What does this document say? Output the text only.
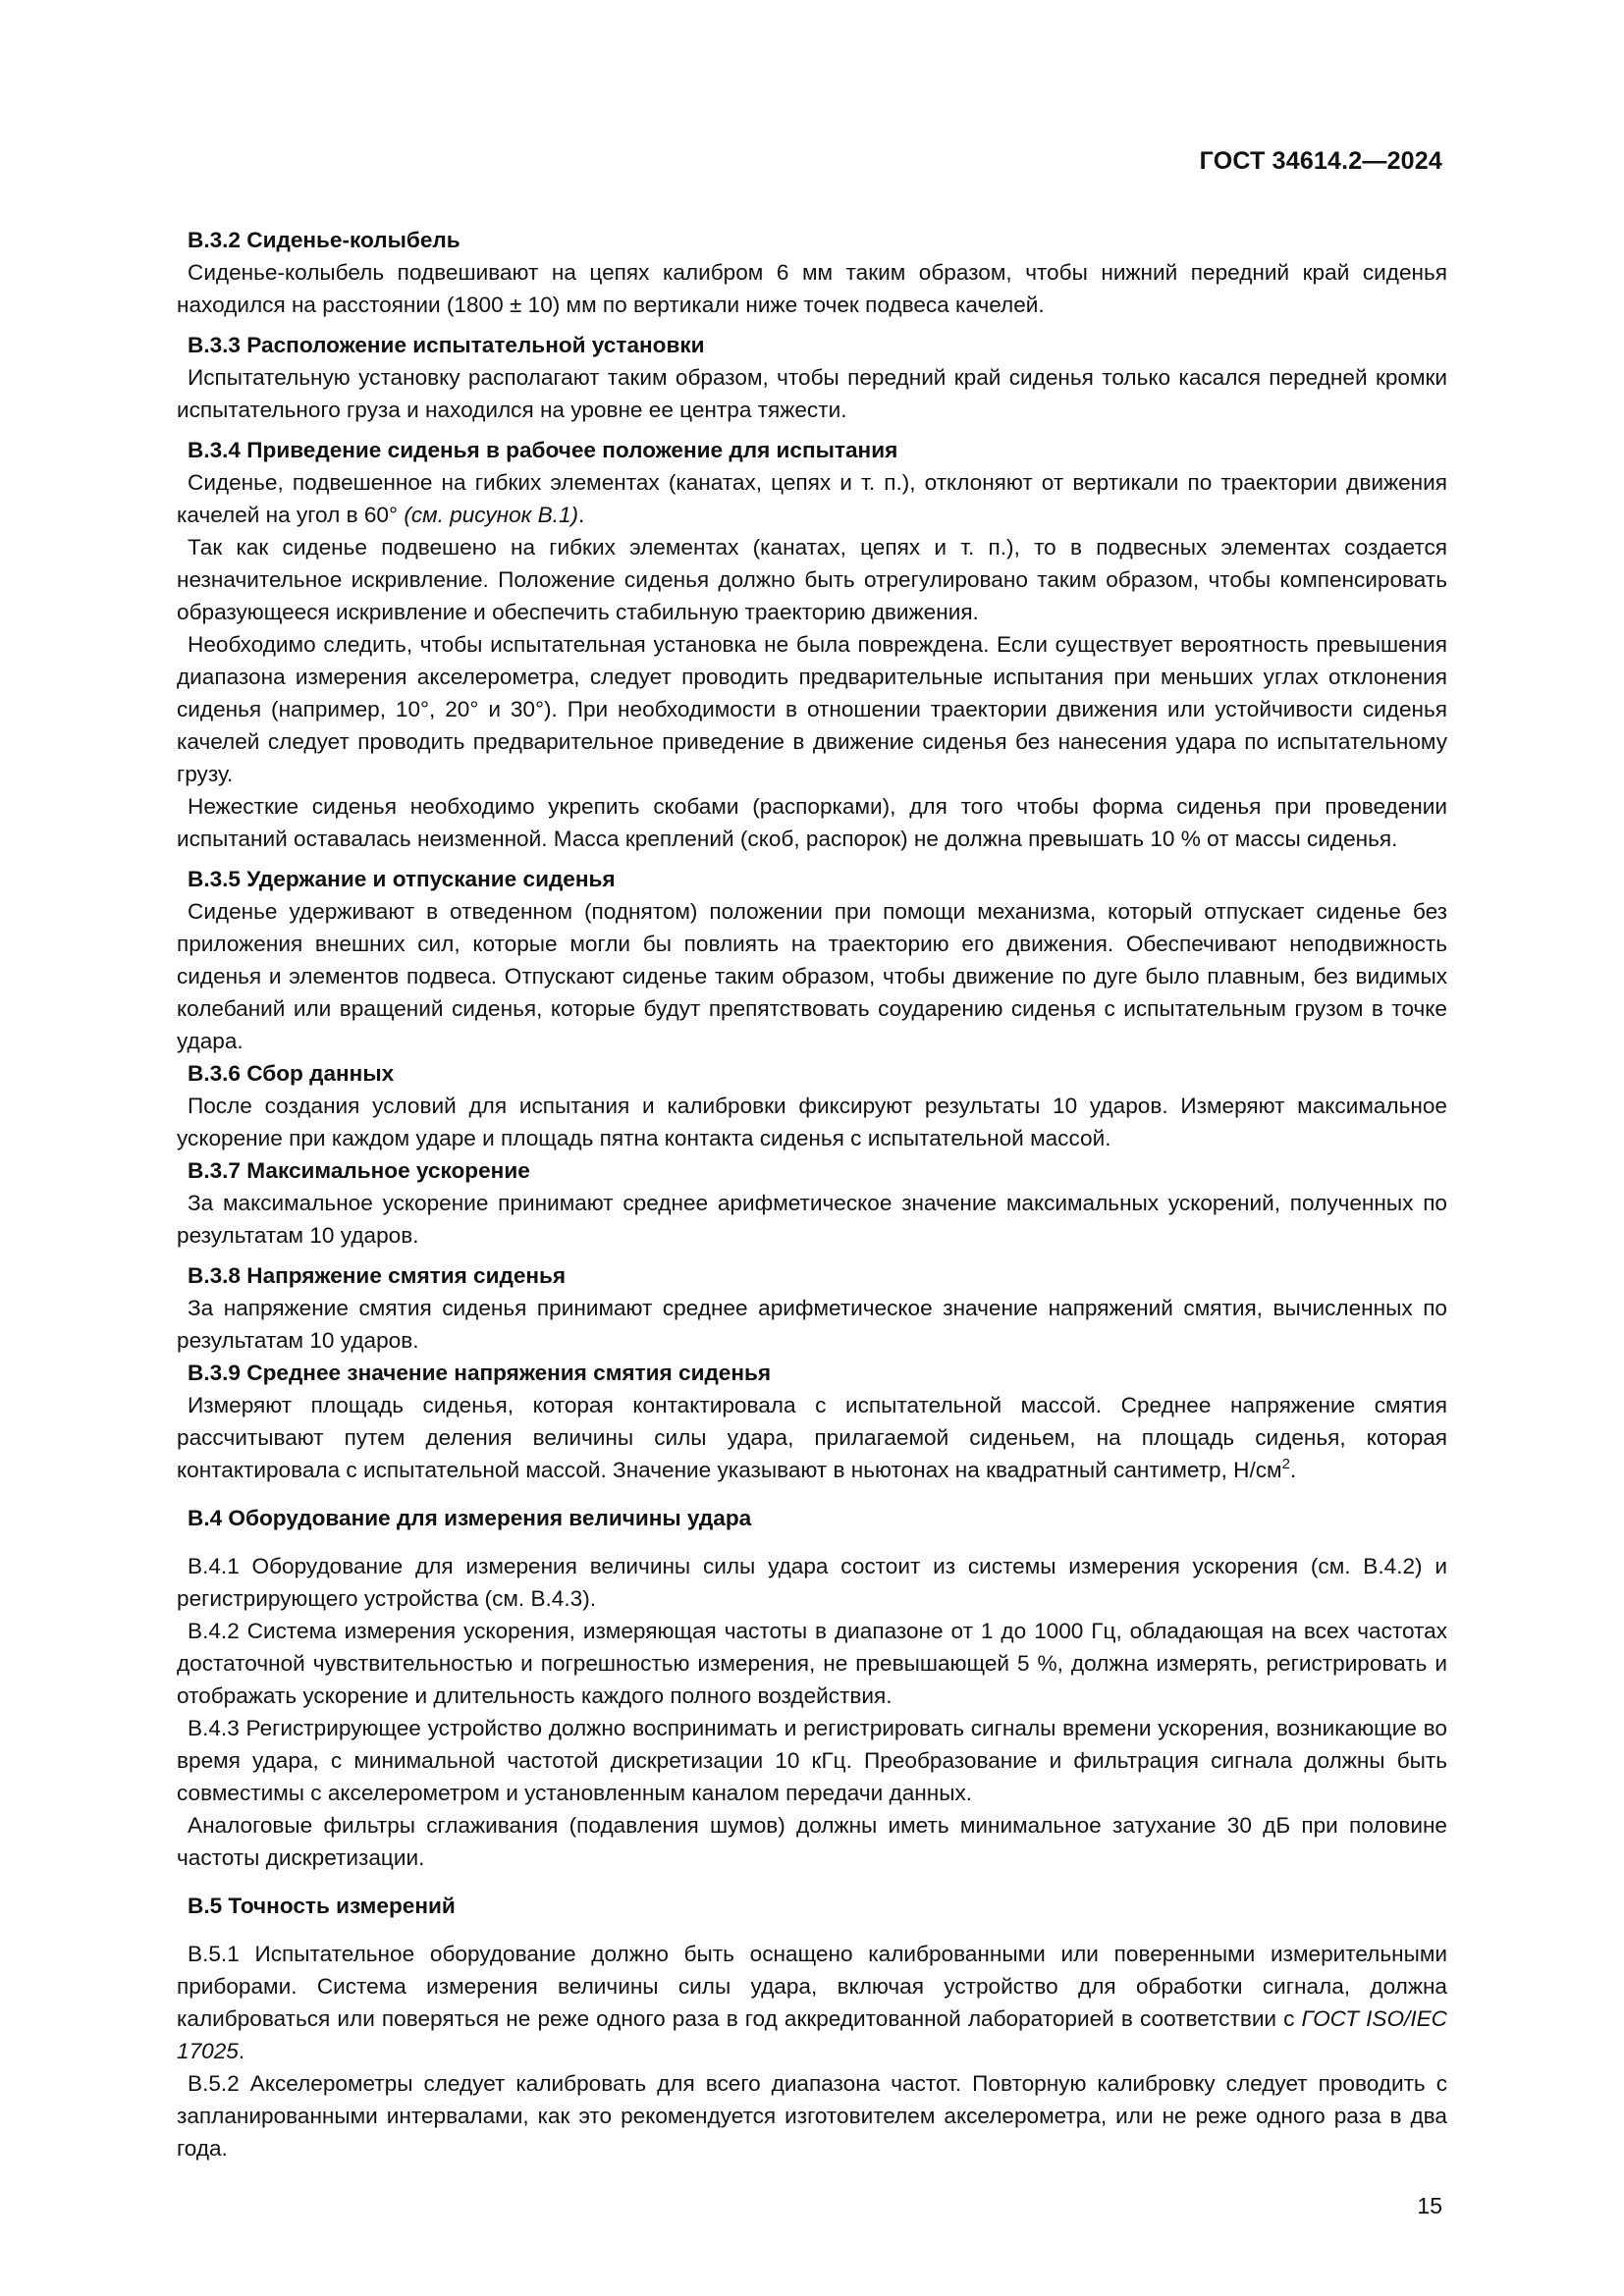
ГОСТ 34614.2—2024
В.3.2 Сиденье-колыбель

Сиденье-колыбель подвешивают на цепях калибром 6 мм таким образом, чтобы нижний передний край сиденья находился на расстоянии (1800 ± 10) мм по вертикали ниже точек подвеса качелей.

В.3.3 Расположение испытательной установки

Испытательную установку располагают таким образом, чтобы передний край сиденья только касался передней кромки испытательного груза и находился на уровне ее центра тяжести.

В.3.4 Приведение сиденья в рабочее положение для испытания

Сиденье, подвешенное на гибких элементах (канатах, цепях и т. п.), отклоняют от вертикали по траектории движения качелей на угол в 60° (см. рисунок В.1).

Так как сиденье подвешено на гибких элементах (канатах, цепях и т. п.), то в подвесных элементах создается незначительное искривление. Положение сиденья должно быть отрегулировано таким образом, чтобы компенсировать образующееся искривление и обеспечить стабильную траекторию движения.

Необходимо следить, чтобы испытательная установка не была повреждена. Если существует вероятность превышения диапазона измерения акселерометра, следует проводить предварительные испытания при меньших углах отклонения сиденья (например, 10°, 20° и 30°). При необходимости в отношении траектории движения или устойчивости сиденья качелей следует проводить предварительное приведение в движение сиденья без нанесения удара по испытательному грузу.

Нежесткие сиденья необходимо укрепить скобами (распорками), для того чтобы форма сиденья при проведении испытаний оставалась неизменной. Масса креплений (скоб, распорок) не должна превышать 10 % от массы сиденья.

В.3.5 Удержание и отпускание сиденья

Сиденье удерживают в отведенном (поднятом) положении при помощи механизма, который отпускает сиденье без приложения внешних сил, которые могли бы повлиять на траекторию его движения. Обеспечивают неподвижность сиденья и элементов подвеса. Отпускают сиденье таким образом, чтобы движение по дуге было плавным, без видимых колебаний или вращений сиденья, которые будут препятствовать соударению сиденья с испытательным грузом в точке удара.

В.3.6 Сбор данных

После создания условий для испытания и калибровки фиксируют результаты 10 ударов. Измеряют максимальное ускорение при каждом ударе и площадь пятна контакта сиденья с испытательной массой.

В.3.7 Максимальное ускорение

За максимальное ускорение принимают среднее арифметическое значение максимальных ускорений, полученных по результатам 10 ударов.

В.3.8 Напряжение смятия сиденья

За напряжение смятия сиденья принимают среднее арифметическое значение напряжений смятия, вычисленных по результатам 10 ударов.

В.3.9 Среднее значение напряжения смятия сиденья

Измеряют площадь сиденья, которая контактировала с испытательной массой. Среднее напряжение смятия рассчитывают путем деления величины силы удара, прилагаемой сиденьем, на площадь сиденья, которая контактировала с испытательной массой. Значение указывают в ньютонах на квадратный сантиметр, $Н/см^2$.

В.4 Оборудование для измерения величины удара

В.4.1 Оборудование для измерения величины силы удара состоит из системы измерения ускорения (см. В.4.2) и регистрирующего устройства (см. В.4.3).

В.4.2 Система измерения ускорения, измеряющая частоты в диапазоне от 1 до 1000 Гц, обладающая на всех частотах достаточной чувствительностью и погрешностью измерения, не превышающей 5 %, должна измерять, регистрировать и отображать ускорение и длительность каждого полного воздействия.

В.4.3 Регистрирующее устройство должно воспринимать и регистрировать сигналы времени ускорения, возникающие во время удара, с минимальной частотой дискретизации 10 кГц. Преобразование и фильтрация сигнала должны быть совместимы с акселерометром и установленным каналом передачи данных.

Аналоговые фильтры сглаживания (подавления шумов) должны иметь минимальное затухание 30 дБ при половине частоты дискретизации.

В.5 Точность измерений

В.5.1 Испытательное оборудование должно быть оснащено калиброванными или поверенными измерительными приборами. Система измерения величины силы удара, включая устройство для обработки сигнала, должна калиброваться или поверяться не реже одного раза в год аккредитованной лабораторией в соответствии с ГОСТ ISO/IEC 17025.

В.5.2 Акселерометры следует калибровать для всего диапазона частот. Повторную калибровку следует проводить с запланированными интервалами, как это рекомендуется изготовителем акселерометра, или не реже одного раза в два года.

15
